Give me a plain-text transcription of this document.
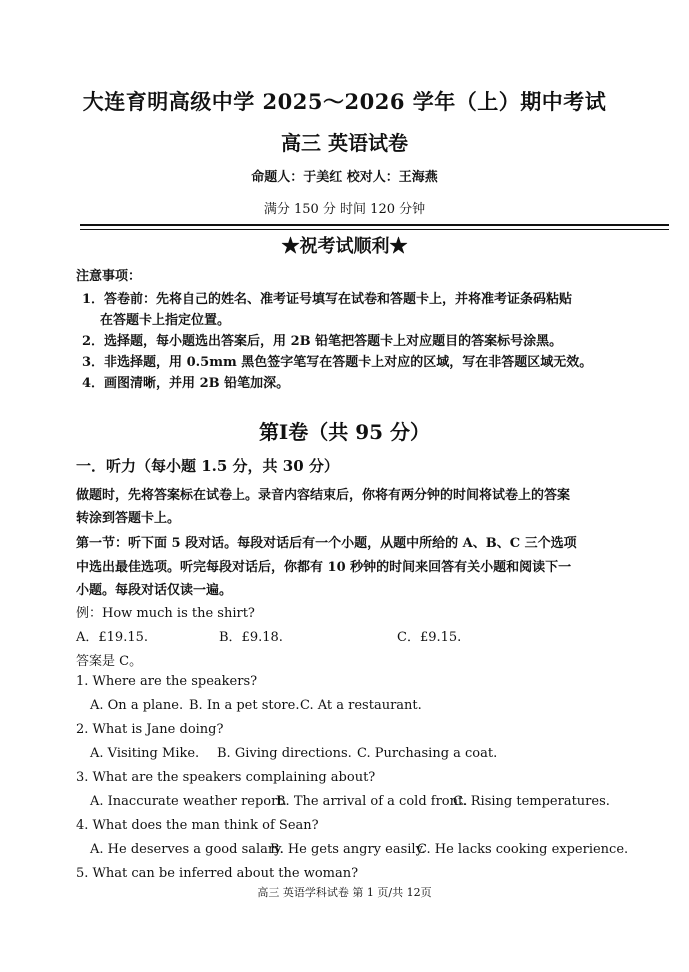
大连育明高级中学 2025～2026 学年（上）期中考试
高三 英语试卷
命题人：于美红 校对人：王海燕
满分 150 分 时间 120 分钟
★祝考试顺利★
注意事项：
1．答卷前：先将自己的姓名、准考证号填写在试卷和答题卡上，并将准考证条码粘贴
在答题卡上指定位置。
2．选择题，每小题选出答案后，用 2B 铅笔把答题卡上对应题目的答案标号涂黑。
3．非选择题，用 0.5mm 黑色签字笔写在答题卡上对应的区域，写在非答题区域无效。
4．画图清晰，并用 2B 铅笔加深。
第Ⅰ卷（共 95 分）
一．听力（每小题 1.5 分，共 30 分）
做题时，先将答案标在试卷上。录音内容结束后，你将有两分钟的时间将试卷上的答案
转涂到答题卡上。
第一节：听下面 5 段对话。每段对话后有一个小题，从题中所给的 A、B、C 三个选项
中选出最佳选项。听完每段对话后，你都有 10 秒钟的时间来回答有关小题和阅读下一
小题。每段对话仅读一遍。
例：How much is the shirt?
A．£19.15.	B．£9.18.	C．£9.15.
答案是 C。
1. Where are the speakers?
A. On a plane. B. In a pet store. C. At a restaurant.
2. What is Jane doing?
A. Visiting Mike. B. Giving directions. C. Purchasing a coat.
3. What are the speakers complaining about?
A. Inaccurate weather report.
B. The arrival of a cold front.
C. Rising temperatures.
4. What does the man think of Sean?
A. He deserves a good salary.
B. He gets angry easily.
C. He lacks cooking experience.
5. What can be inferred about the woman?
高三 英语学科试卷 第 1 页/共 12页
